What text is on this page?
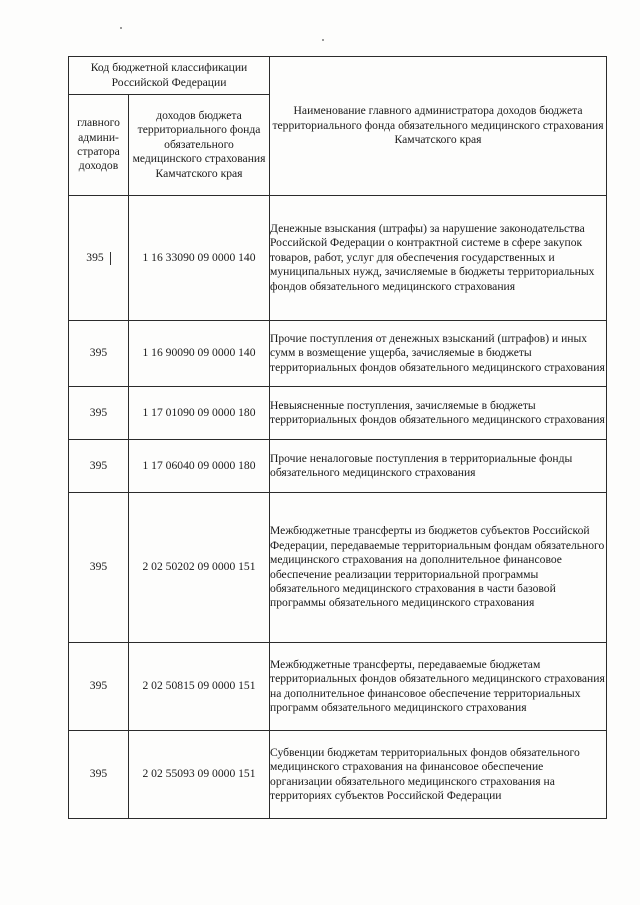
Код бюджетной классификации Российской Федерации		Наименование главного администратора доходов бюджета территориального фонда обязательного медицинского страхования Камчатского края
главного админи-стратора доходов	доходов бюджета территориального фонда обязательного медицинского страхования Камчатского края	
395	1 16 33090 09 0000 140	Денежные взыскания (штрафы) за нарушение законодательства Российской Федерации о контрактной системе в сфере закупок товаров, работ, услуг для обеспечения государственных и муниципальных нужд, зачисляемые в бюджеты территориальных фондов обязательного медицинского страхования
395	1 16 90090 09 0000 140	Прочие поступления от денежных взысканий (штрафов) и иных сумм в возмещение ущерба, зачисляемые в бюджеты территориальных фондов обязательного медицинского страхования
395	1 17 01090 09 0000 180	Невыясненные поступления, зачисляемые в бюджеты территориальных фондов обязательного медицинского страхования
395	1 17 06040 09 0000 180	Прочие неналоговые поступления в территориальные фонды обязательного медицинского страхования
395	2 02 50202 09 0000 151	Межбюджетные трансферты из бюджетов субъектов Российской Федерации, передаваемые территориальным фондам обязательного медицинского страхования на дополнительное финансовое обеспечение реализации территориальной программы обязательного медицинского страхования в части базовой программы обязательного медицинского страхования
395	2 02 50815 09 0000 151	Межбюджетные трансферты, передаваемые бюджетам территориальных фондов обязательного медицинского страхования на дополнительное финансовое обеспечение территориальных программ обязательного медицинского страхования
395	2 02 55093 09 0000 151	Субвенции бюджетам территориальных фондов обязательного медицинского страхования на финансовое обеспечение организации обязательного медицинского страхования на территориях субъектов Российской Федерации
